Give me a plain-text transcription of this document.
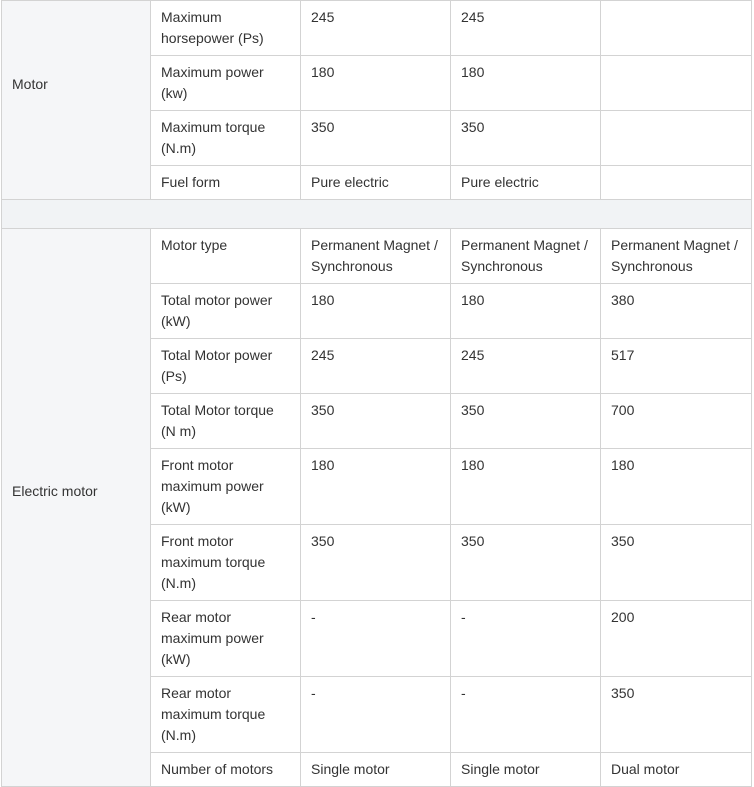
Motor	Maximum horsepower (Ps)	245	245	
	Maximum power (kw)	180	180	
	Maximum torque (N.m)	350	350	
	Fuel form	Pure electric	Pure electric	

Electric motor	Motor type	Permanent Magnet / Synchronous	Permanent Magnet / Synchronous	Permanent Magnet / Synchronous
	Total motor power (kW)	180	180	380
	Total Motor power (Ps)	245	245	517
	Total Motor torque (N m)	350	350	700
	Front motor maximum power (kW)	180	180	180
	Front motor maximum torque (N.m)	350	350	350
	Rear motor maximum power (kW)	-	-	200
	Rear motor maximum torque (N.m)	-	-	350
	Number of motors	Single motor	Single motor	Dual motor
